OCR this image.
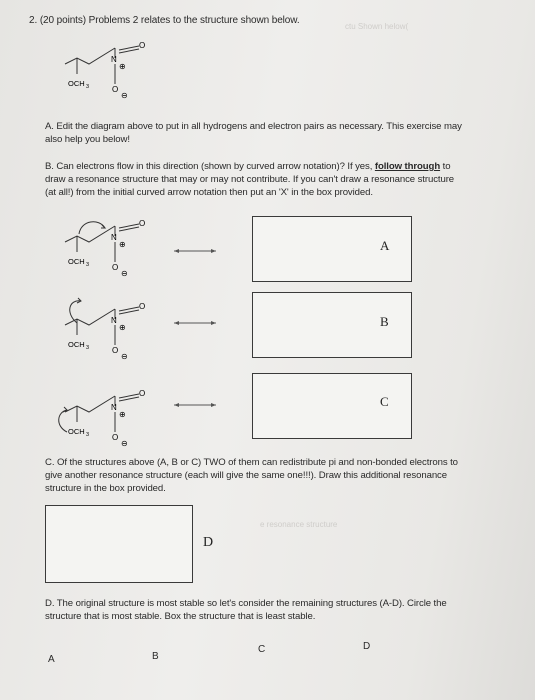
ctu Shown helow(
e resonance structure
2. (20 points) Problems 2 relates to the structure shown below.
N
O
O
⊕
⊖
OCH 3
A. Edit the diagram above to put in all hydrogens and electron pairs as necessary. This exercise may
also help you below!
B. Can electrons flow in this direction (shown by curved arrow notation)? If yes, follow through to
draw a resonance structure that may or may not contribute. If you can't draw a resonance structure
(at all!) from the initial curved arrow notation then put an 'X' in the box provided.
N
O
O
⊕
⊖
OCH 3
A
N
O
O
⊕
⊖
OCH 3
B
N
O
O
⊕
⊖
OCH 3
C
C. Of the structures above (A, B or C) TWO of them can redistribute pi and non-bonded electrons to
give another resonance structure (each will give the same one!!!). Draw this additional resonance
structure in the box provided.
D
D. The original structure is most stable so let's consider the remaining structures (A-D). Circle the
structure that is most stable. Box the structure that is least stable.
A	B
C	D
